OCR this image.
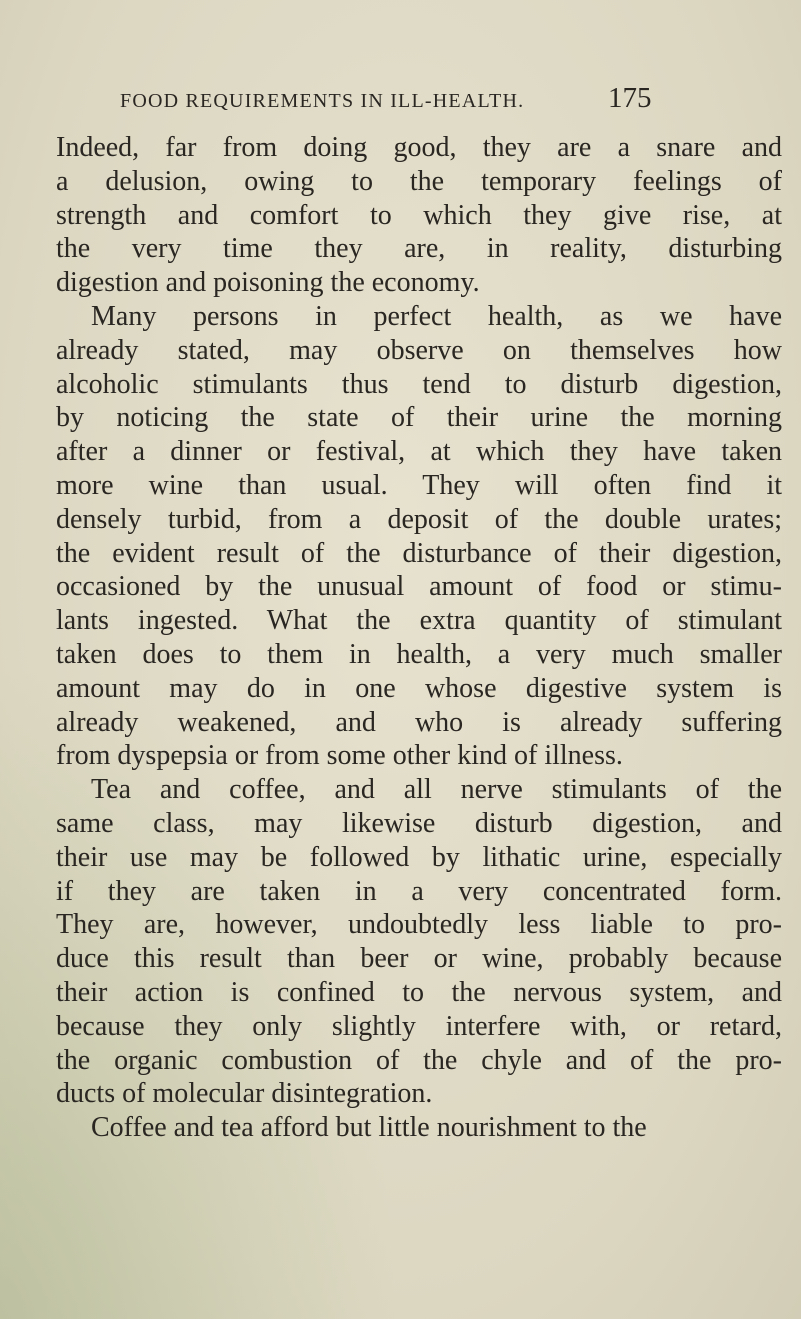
FOOD REQUIREMENTS IN ILL-HEALTH.	175

Indeed, far from doing good, they are a snare and
a delusion, owing to the temporary feelings of
strength and comfort to which they give rise, at
the very time they are, in reality, disturbing
digestion and poisoning the economy.

Many persons in perfect health, as we have
already stated, may observe on themselves how
alcoholic stimulants thus tend to disturb digestion,
by noticing the state of their urine the morning
after a dinner or festival, at which they have taken
more wine than usual. They will often find it
densely turbid, from a deposit of the double urates;
the evident result of the disturbance of their digestion,
occasioned by the unusual amount of food or stimu-
lants ingested. What the extra quantity of stimulant
taken does to them in health, a very much smaller
amount may do in one whose digestive system is
already weakened, and who is already suffering
from dyspepsia or from some other kind of illness.

Tea and coffee, and all nerve stimulants of the
same class, may likewise disturb digestion, and
their use may be followed by lithatic urine, especially
if they are taken in a very concentrated form.
They are, however, undoubtedly less liable to pro-
duce this result than beer or wine, probably because
their action is confined to the nervous system, and
because they only slightly interfere with, or retard,
the organic combustion of the chyle and of the pro-
ducts of molecular disintegration.

Coffee and tea afford but little nourishment to the
